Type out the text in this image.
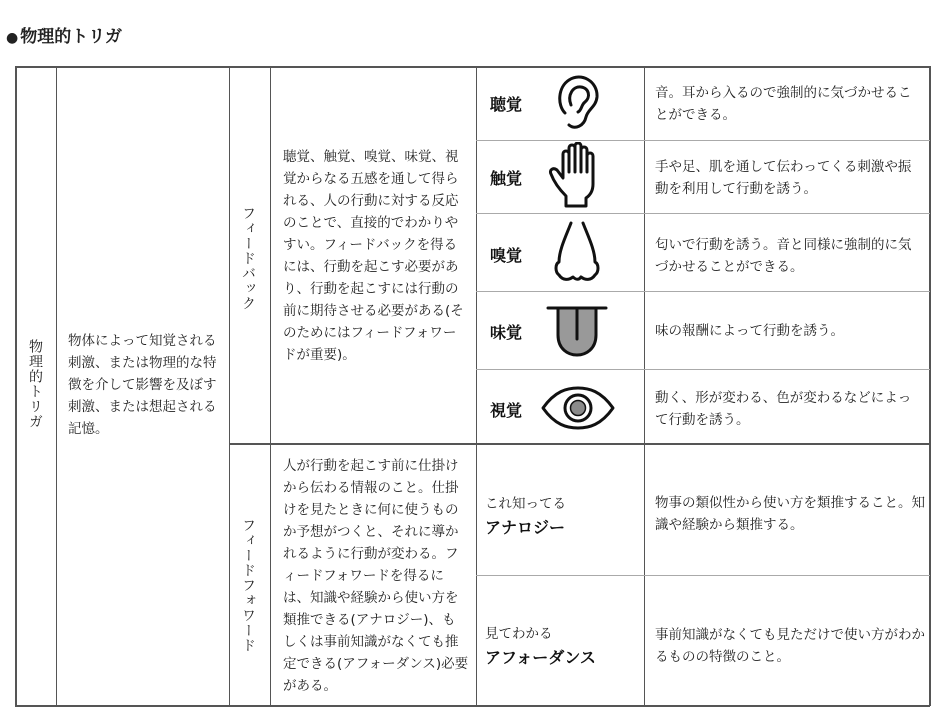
● 物理的トリガ
物理的トリガ 物体によって知覚される刺激、または物理的な特徴を介して影響を及ぼす刺激、または想起される記憶。
フィードバック
聴覚、触覚、嗅覚、味覚、視覚からなる五感を通して得られる、人の行動に対する反応のことで、直接的でわかりやすい。フィードバックを得るには、行動を起こす必要があり、行動を起こすには行動の前に期待させる必要がある(そのためにはフィードフォワードが重要)。
フィードフォワード
人が行動を起こす前に仕掛けから伝わる情報のこと。仕掛けを見たときに何に使うものか予想がつくと、それに導かれるように行動が変わる。フィードフォワードを得るには、知識や経験から使い方を類推できる(アナロジー)、もしくは事前知識がなくても推定できる(アフォーダンス)必要がある。
聴覚
音。耳から入るので強制的に気づかせることができる。
触覚
手や足、肌を通して伝わってくる刺激や振動を利用して行動を誘う。
嗅覚
匂いで行動を誘う。音と同様に強制的に気づかせることができる。
味覚	味の報酬によって行動を誘う。
視覚
動く、形が変わる、色が変わるなどによって行動を誘う。
これ知ってる
アナロジー
物事の類似性から使い方を類推すること。知識や経験から類推する。
見てわかる
アフォーダンス
事前知識がなくても見ただけで使い方がわかるものの特徴のこと。
